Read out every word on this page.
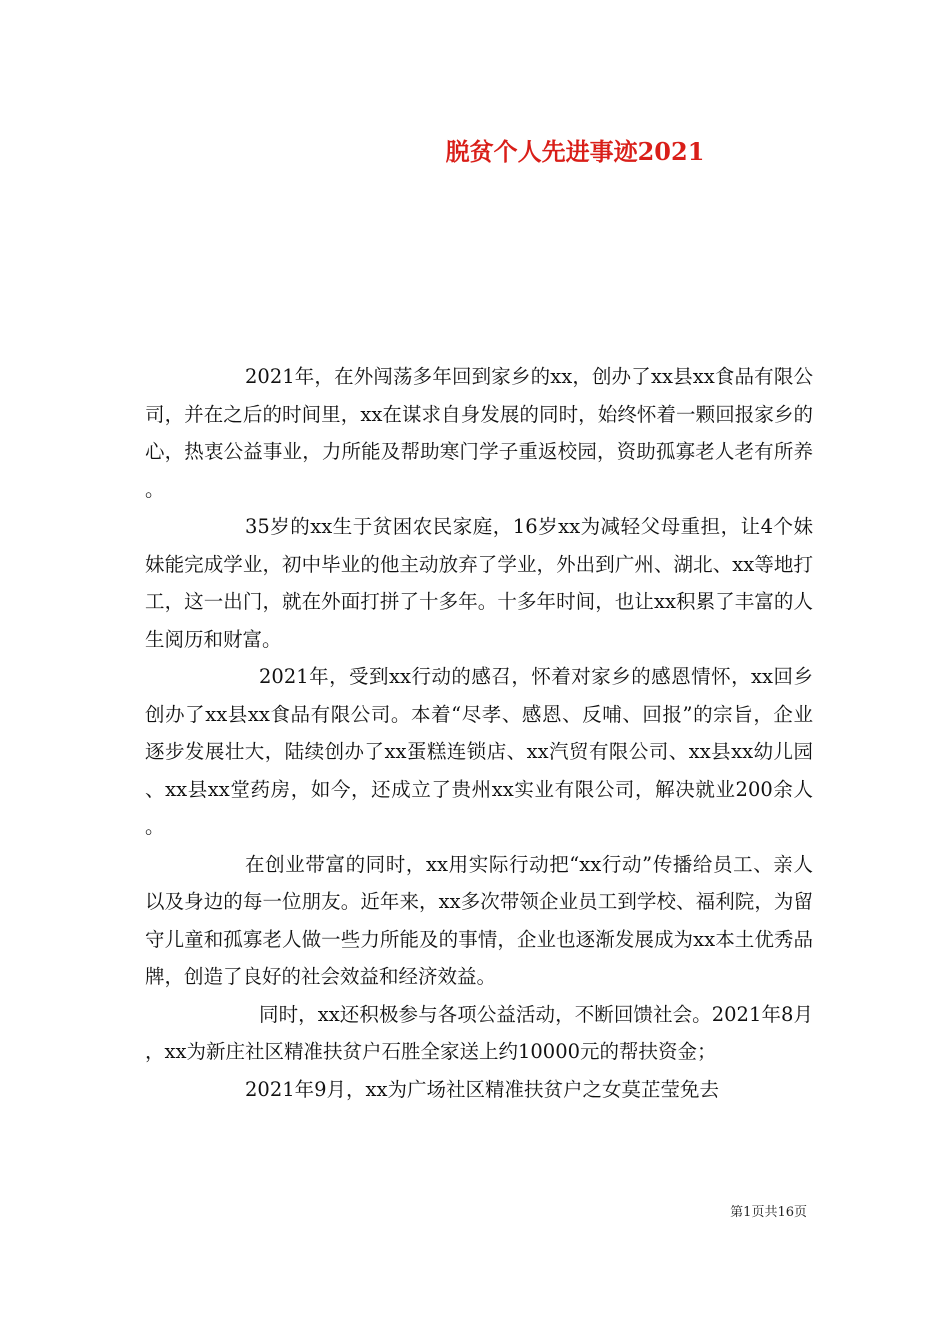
脱贫个人先进事迹2021

2021年，在外闯荡多年回到家乡的xx，创办了xx县xx食品有限公司，并在之后的时间里，xx在谋求自身发展的同时，始终怀着一颗回报家乡的心，热衷公益事业，力所能及帮助寒门学子重返校园，资助孤寡老人老有所养。

35岁的xx生于贫困农民家庭，16岁xx为减轻父母重担，让4个妹妹能完成学业，初中毕业的他主动放弃了学业，外出到广州、湖北、xx等地打工，这一出门，就在外面打拼了十多年。十多年时间，也让xx积累了丰富的人生阅历和财富。

2021年，受到xx行动的感召，怀着对家乡的感恩情怀，xx回乡创办了xx县xx食品有限公司。本着“尽孝、感恩、反哺、回报”的宗旨，企业逐步发展壮大，陆续创办了xx蛋糕连锁店、xx汽贸有限公司、xx县xx幼儿园、xx县xx堂药房，如今，还成立了贵州xx实业有限公司，解决就业200余人。

在创业带富的同时，xx用实际行动把“xx行动”传播给员工、亲人以及身边的每一位朋友。近年来，xx多次带领企业员工到学校、福利院，为留守儿童和孤寡老人做一些力所能及的事情，企业也逐渐发展成为xx本土优秀品牌，创造了良好的社会效益和经济效益。

同时，xx还积极参与各项公益活动，不断回馈社会。2021年8月，xx为新庄社区精准扶贫户石胜全家送上约10000元的帮扶资金；

2021年9月，xx为广场社区精准扶贫户之女莫芷莹免去

第1页共16页
